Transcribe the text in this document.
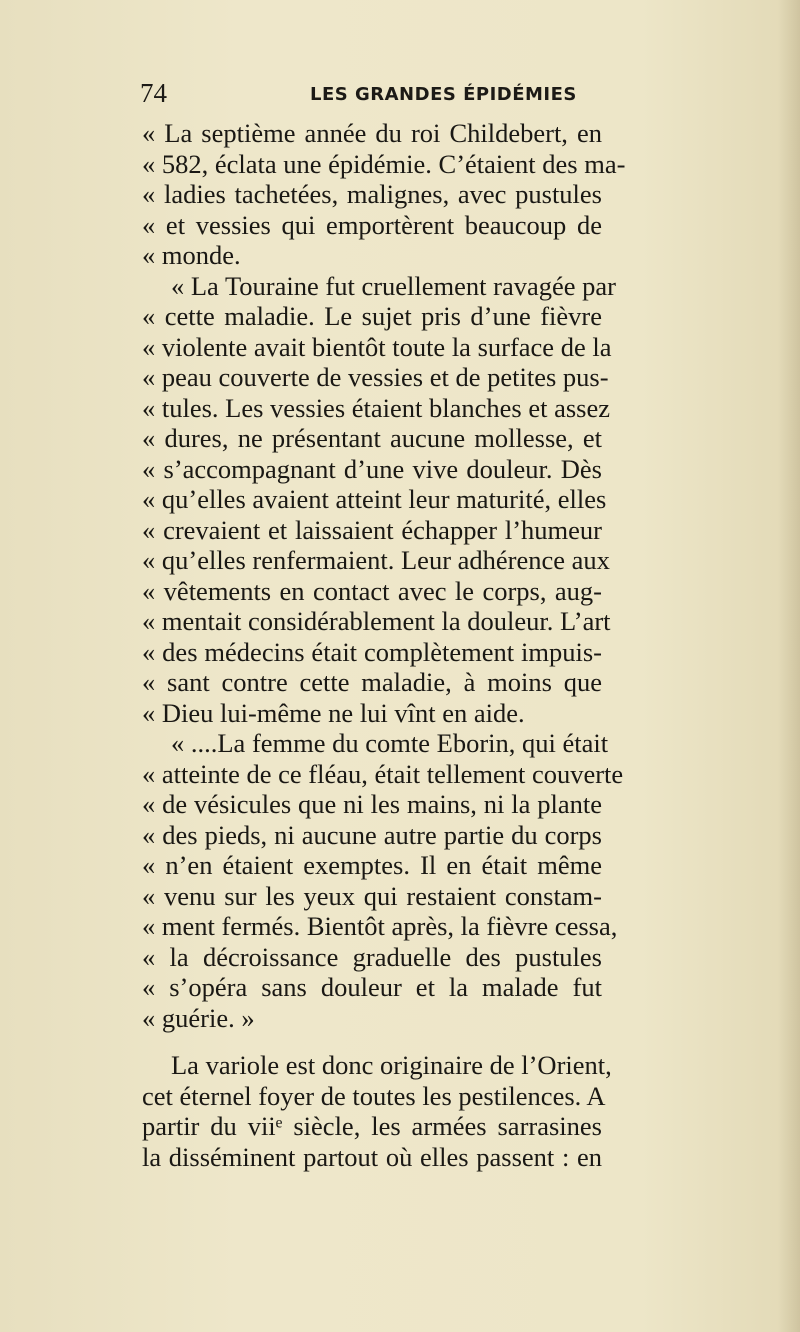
74	LES GRANDES ÉPIDÉMIES
« La septième année du roi Childebert, en
« 582, éclata une épidémie. C’étaient des ma-
« ladies tachetées, malignes, avec pustules
« et vessies qui emportèrent beaucoup de
« monde.
« La Touraine fut cruellement ravagée par
« cette maladie. Le sujet pris d’une fièvre
« violente avait bientôt toute la surface de la
« peau couverte de vessies et de petites pus-
« tules. Les vessies étaient blanches et assez
« dures, ne présentant aucune mollesse, et
« s’accompagnant d’une vive douleur. Dès
« qu’elles avaient atteint leur maturité, elles
« crevaient et laissaient échapper l’humeur
« qu’elles renfermaient. Leur adhérence aux
« vêtements en contact avec le corps, aug-
« mentait considérablement la douleur. L’art
« des médecins était complètement impuis-
« sant contre cette maladie, à moins que
« Dieu lui-même ne lui vînt en aide.
« ....La femme du comte Eborin, qui était
« atteinte de ce fléau, était tellement couverte
« de vésicules que ni les mains, ni la plante
« des pieds, ni aucune autre partie du corps
« n’en étaient exemptes. Il en était même
« venu sur les yeux qui restaient constam-
« ment fermés. Bientôt après, la fièvre cessa,
« la décroissance graduelle des pustules
« s’opéra sans douleur et la malade fut
« guérie. »
La variole est donc originaire de l’Orient,
cet éternel foyer de toutes les pestilences. A
partir du viiᵉ siècle, les armées sarrasines
la disséminent partout où elles passent : en
